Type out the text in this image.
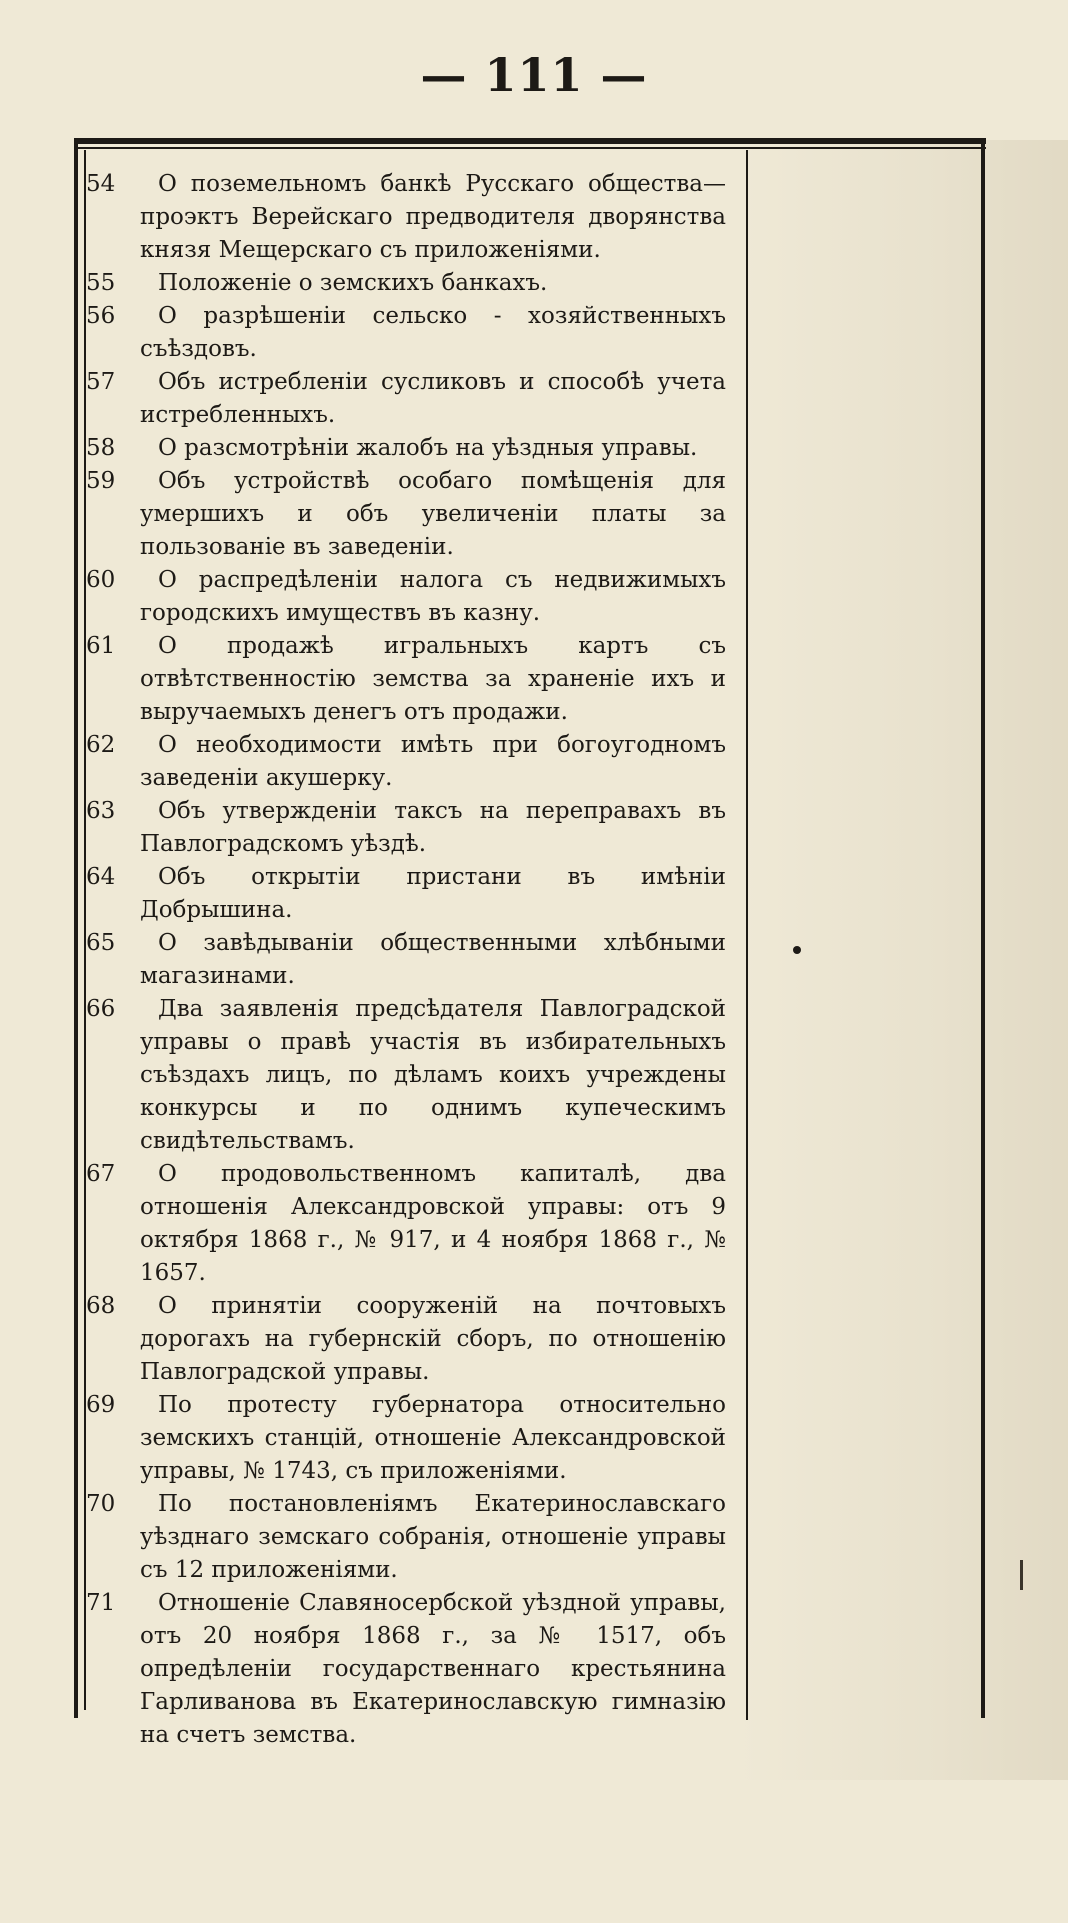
— 111 —
54	О поземельномъ банкѣ Русскаго общества— проэктъ Верейскаго предводителя дворянства князя Мещерскаго съ приложеніями.
55	Положеніе о земскихъ банкахъ.
56	О разрѣшеніи сельско - хозяйственныхъ съѣздовъ.
57	Объ истребленіи сусликовъ и способѣ учета истребленныхъ.
58	О разсмотрѣніи жалобъ на уѣздныя управы.
59	Объ устройствѣ особаго помѣщенія для умершихъ и объ увеличеніи платы за пользованіе въ заведеніи.
60	О распредѣленіи налога съ недвижимыхъ городскихъ имуществъ въ казну.
61	О продажѣ игральныхъ картъ съ отвѣтственностію земства за храненіе ихъ и выручаемыхъ денегъ отъ продажи.
62	О необходимости имѣть при богоугодномъ заведеніи акушерку.
63	Объ утвержденіи таксъ на переправахъ въ Павлоградскомъ уѣздѣ.
64	Объ открытіи пристани въ имѣніи Добрышина.
65	О завѣдываніи общественными хлѣбными магазинами.
66	Два заявленія предсѣдателя Павлоградской управы о правѣ участія въ избирательныхъ съѣздахъ лицъ, по дѣламъ коихъ учреждены конкурсы и по однимъ купеческимъ свидѣтельствамъ.
67	О продовольственномъ капиталѣ, два отношенія Александровской управы: отъ 9 октября 1868 г., № 917, и 4 ноября 1868 г., № 1657.
68	О принятіи сооруженій на почтовыхъ дорогахъ на губернскій сборъ, по отношенію Павлоградской управы.
69	По протесту губернатора относительно земскихъ станцій, отношеніе Александровской управы, № 1743, съ приложеніями.
70	По постановленіямъ Екатеринославскаго уѣзднаго земскаго собранія, отношеніе управы съ 12 приложеніями.
71	Отношеніе Славяносербской уѣздной управы, отъ 20 ноября 1868 г., за № 1517, объ опредѣленіи государственнаго крестьянина Гарливанова въ Екатеринославскую гимназію на счетъ земства.
